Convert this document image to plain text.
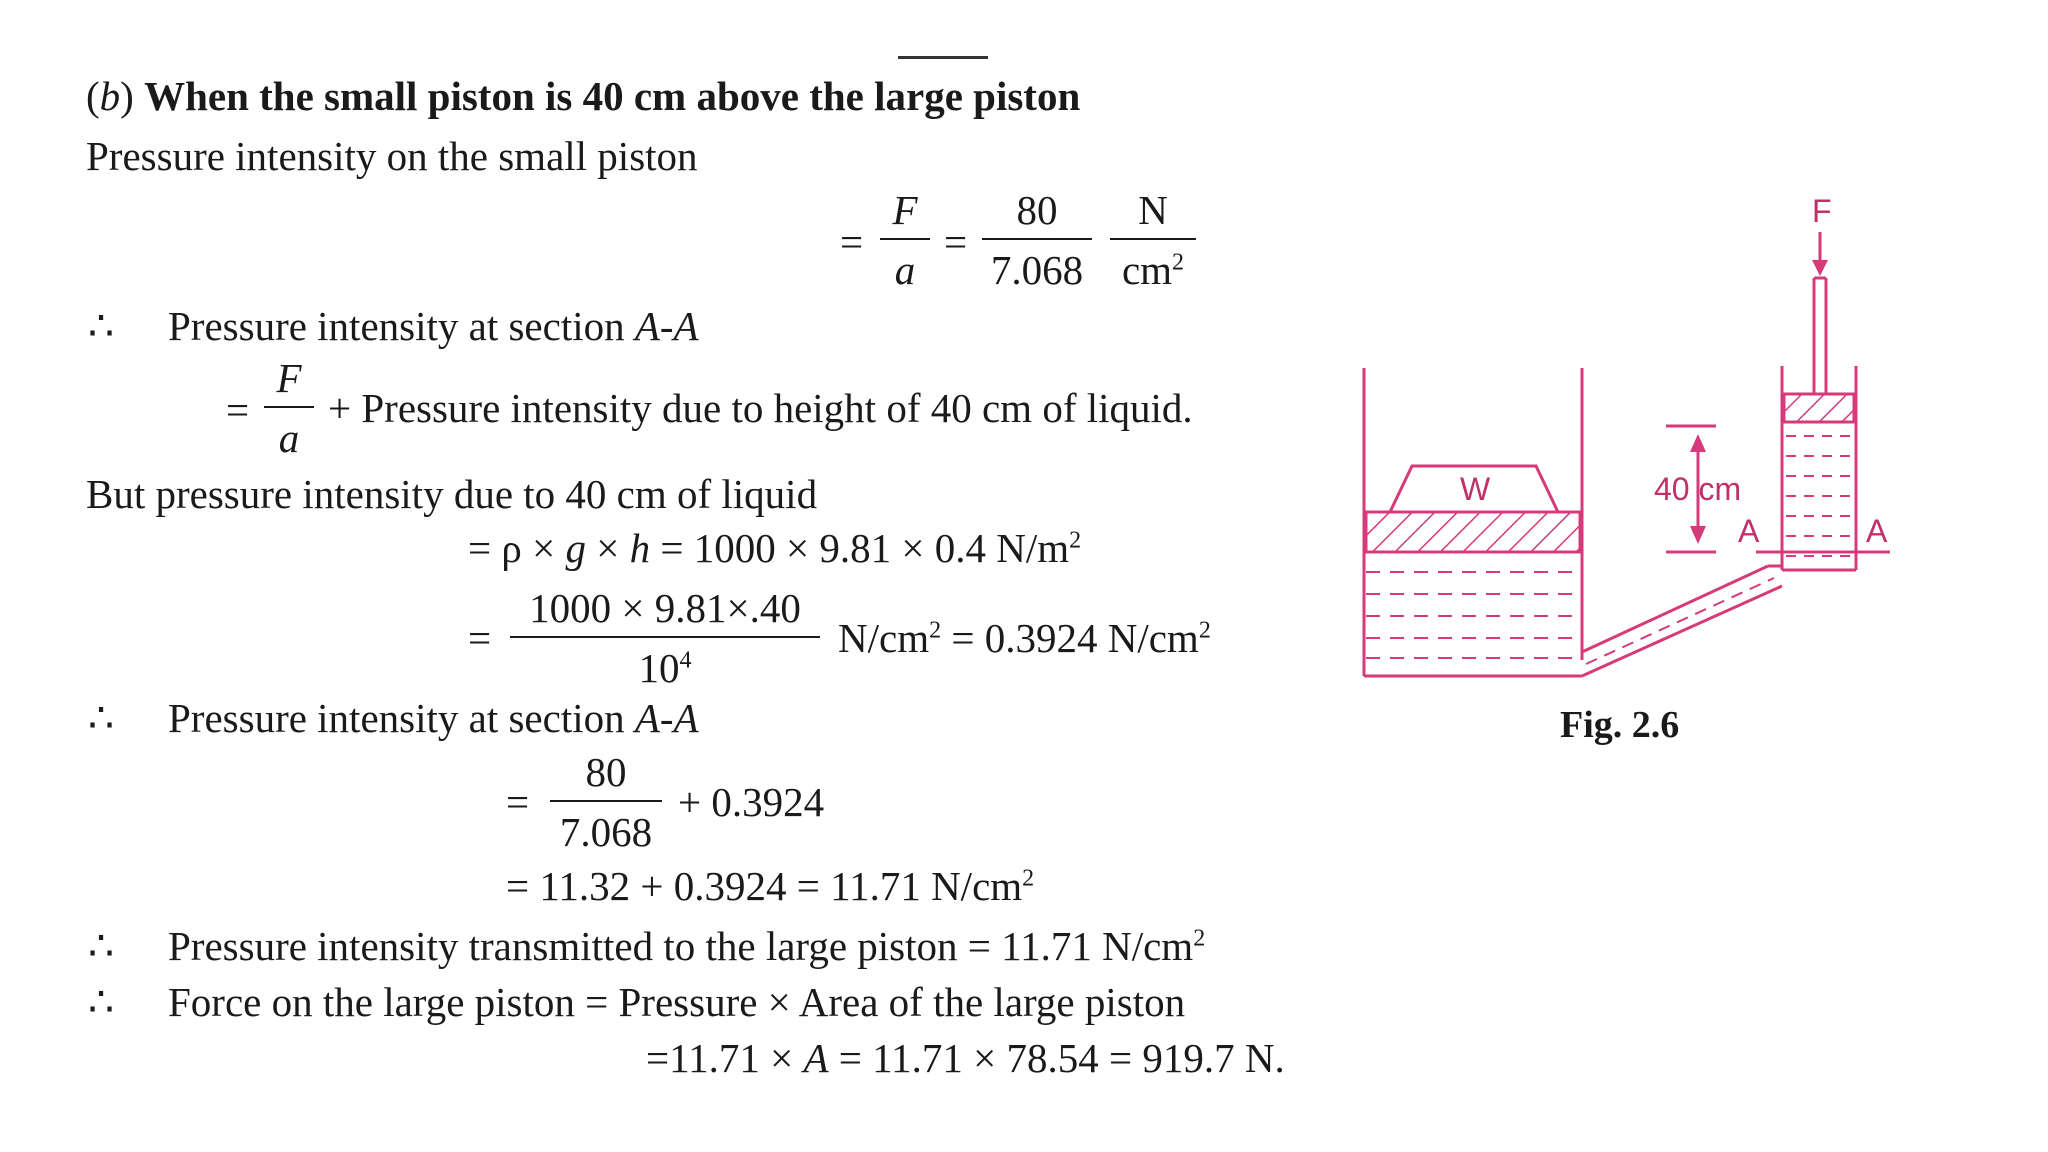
(b) When the small piston is 40 cm above the large piston
Pressure intensity on the small piston
=
F
a
=
80
7.068
N
$cm^2$
∴ Pressure intensity at section A-A
=
F
a
+ Pressure intensity due to height of 40 cm of liquid.
But pressure intensity due to 40 cm of liquid
= ρ × g × h = 1000 × 9.81 × 0.4 $N/m^2$
=
1000 × 9.81×.40
$10^4$	$N/cm^2 = 0.3924$ $N/cm^2$
∴ Pressure intensity at section A-A
=
80
7.068
+ 0.3924
= 11.32 + 0.3924 = 11.71 $N/cm^2$
∴ Pressure intensity transmitted to the large piston = 11.71 $N/cm^2$
∴ Force on the large piston = Pressure × Area of the large piston
=11.71 × A = 11.71 × 78.54 = 919.7 N.
W
F
40 cm
A	A
Fig. 2.6
